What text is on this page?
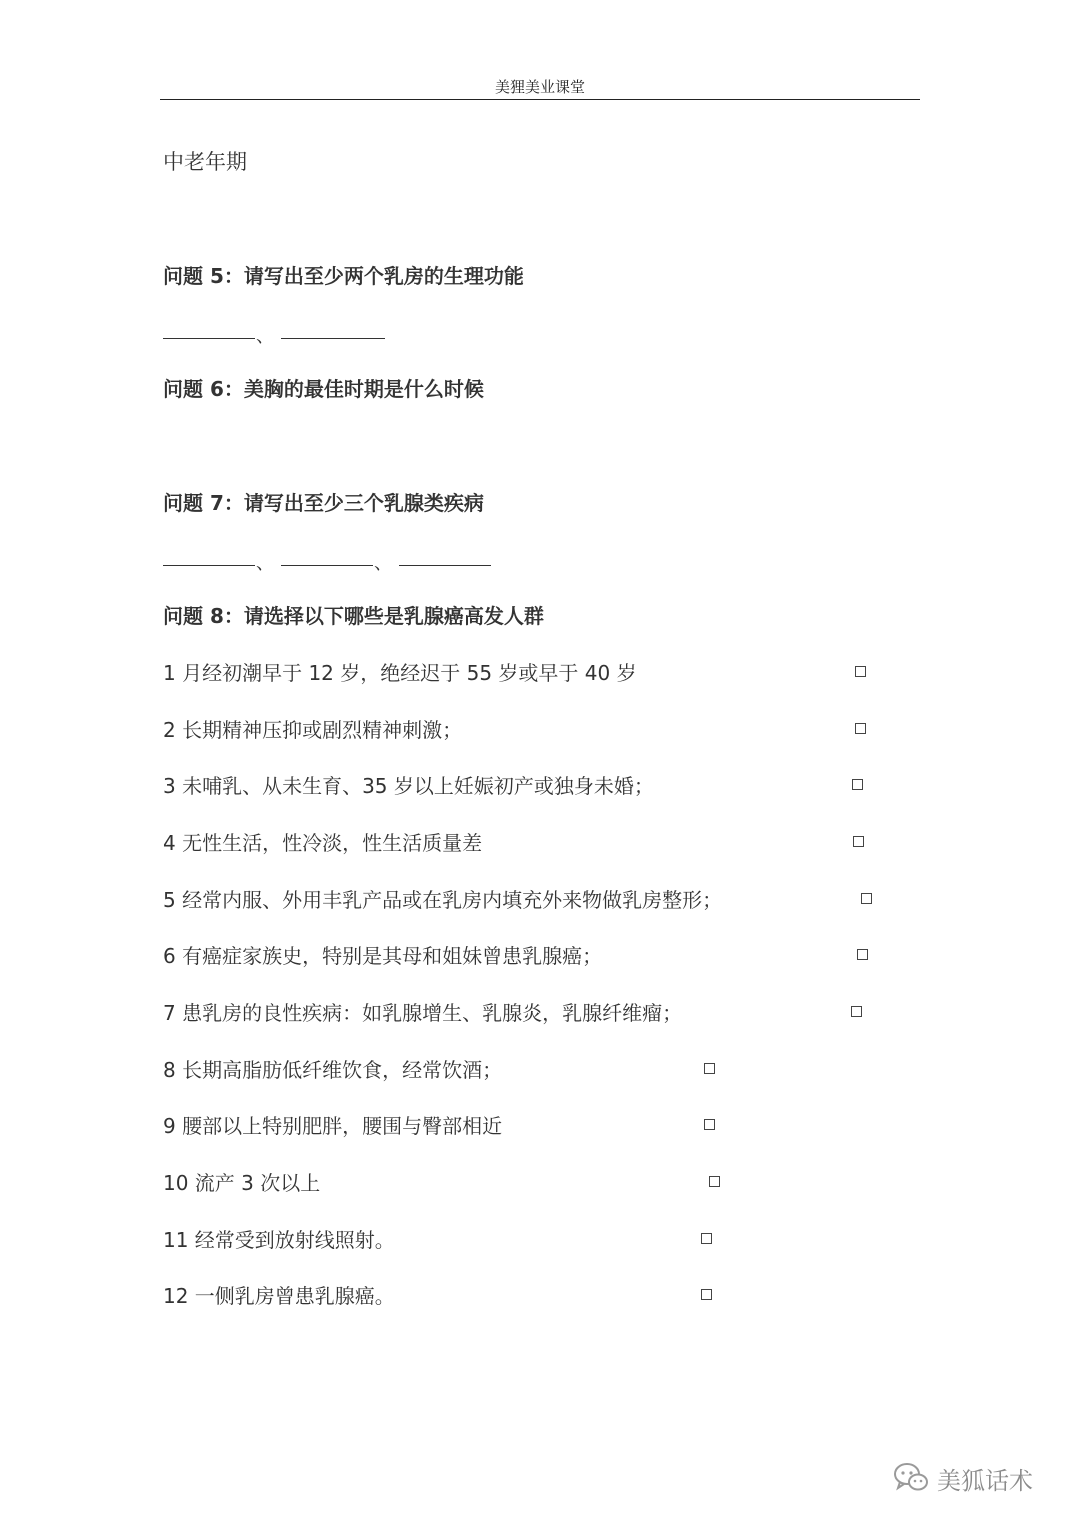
美狸美业课堂
中老年期
问题 5：请写出至少两个乳房的生理功能
、
问题 6：美胸的最佳时期是什么时候
问题 7：请写出至少三个乳腺类疾病
、	、
问题 8：请选择以下哪些是乳腺癌高发人群
1 月经初潮早于 12 岁，绝经迟于 55 岁或早于 40 岁
2 长期精神压抑或剧烈精神刺激；
3 未哺乳、从未生育、35 岁以上妊娠初产或独身未婚；
4 无性生活，性冷淡，性生活质量差
5 经常内服、外用丰乳产品或在乳房内填充外来物做乳房整形；
6 有癌症家族史，特别是其母和姐妹曾患乳腺癌；
7 患乳房的良性疾病：如乳腺增生、乳腺炎，乳腺纤维瘤；
8 长期高脂肪低纤维饮食，经常饮酒；
9 腰部以上特别肥胖，腰围与臀部相近
10 流产 3 次以上
11 经常受到放射线照射。
12 一侧乳房曾患乳腺癌。
美狐话术
